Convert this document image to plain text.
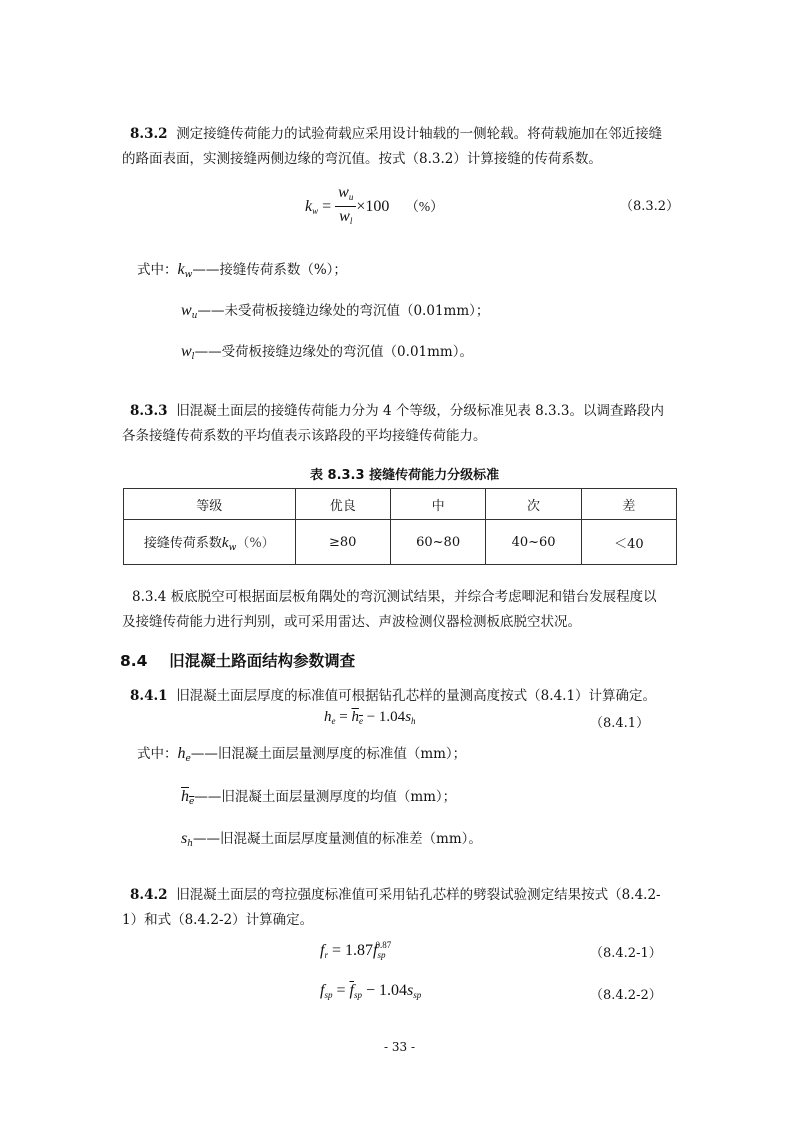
8.3.2 测定接缝传荷能力的试验荷载应采用设计轴载的一侧轮载。将荷载施加在邻近接缝
的路面表面，实测接缝两侧边缘的弯沉值。按式（8.3.2）计算接缝的传荷系数。
$k_w = \frac{w_u}{w_l} \times 100$ （%）	（8.3.2）
式中：$k_w——$接缝传荷系数（%）；
$w_u——$未受荷板接缝边缘处的弯沉值（0.01mm）；
$w_l——$受荷板接缝边缘处的弯沉值（0.01mm）。
8.3.3 旧混凝土面层的接缝传荷能力分为 4 个等级，分级标准见表 8.3.3。以调查路段内
各条接缝传荷系数的平均值表示该路段的平均接缝传荷能力。
表 8.3.3 接缝传荷能力分级标准
等级	优良	中	次	差
接缝传荷系数$k_w(\%)$	≥80	60~80	40~60	＜40
8.3.4 板底脱空可根据面层板角隅处的弯沉测试结果，并综合考虑唧泥和错台发展程度以
及接缝传荷能力进行判别，或可采用雷达、声波检测仪器检测板底脱空状况。
8.4 旧混凝土路面结构参数调查
8.4.1 旧混凝土面层厚度的标准值可根据钻孔芯样的量测高度按式（8.4.1）计算确定。
$h_e = h_e - 1.04s_h$	（8.4.1）
式中：$h_e——$旧混凝土面层量测厚度的标准值（mm）；
$h_e——$旧混凝土面层量测厚度的均值（mm）；
$s_h——$旧混凝土面层厚度量测值的标准差（mm）。
8.4.2 旧混凝土面层的弯拉强度标准值可采用钻孔芯样的劈裂试验测定结果按式（8.4.2-
1）和式（8.4.2-2）计算确定。
$f_r = 1.87f_{sp}^{0.87}$
（8.4.2-1）
$f_{sp} = \overline{f}_{sp} - 1.04s_{sp}$	（8.4.2-2）
- 33 -
